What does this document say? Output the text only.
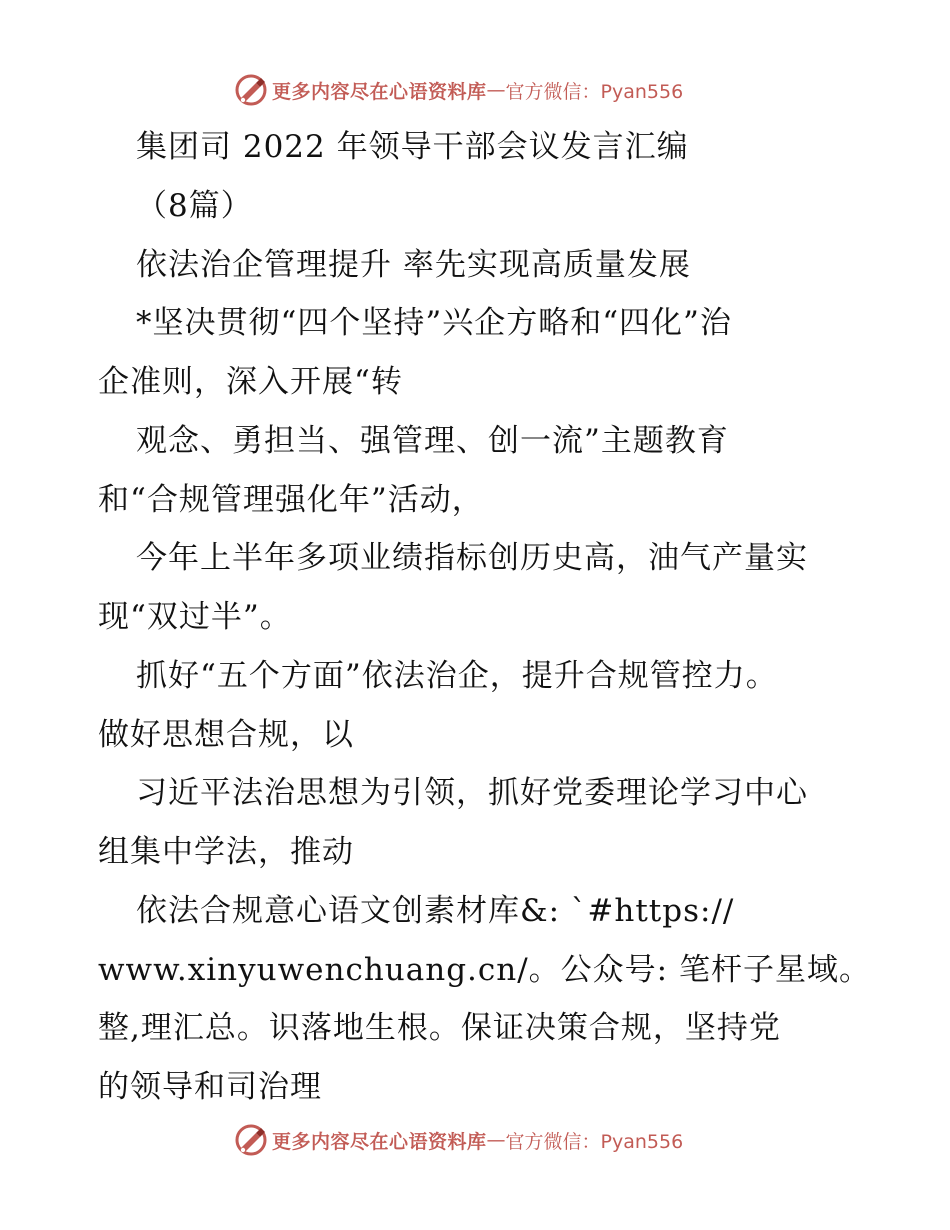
更多内容尽在心语资料库 — 官方微信：Pyan556
集团司 2022 年领导干部会议发言汇编
（8篇）
依法治企管理提升 率先实现高质量发展
*坚决贯彻“四个坚持”兴企方略和“四化”治
企准则，深入开展“转
观念、勇担当、强管理、创一流”主题教育
和“合规管理强化年”活动，
今年上半年多项业绩指标创历史高，油气产量实
现“双过半”。
抓好“五个方面”依法治企，提升合规管控力。
做好思想合规，以
习近平法治思想为引领，抓好党委理论学习中心
组集中学法，推动
依法合规意心语文创素材库&: `#https://
www.xinyuwenchuang.cn/。公众号: 笔杆子星域。
整,理汇总。识落地生根。保证决策合规，坚持党
的领导和司治理
更多内容尽在心语资料库 — 官方微信：Pyan556
